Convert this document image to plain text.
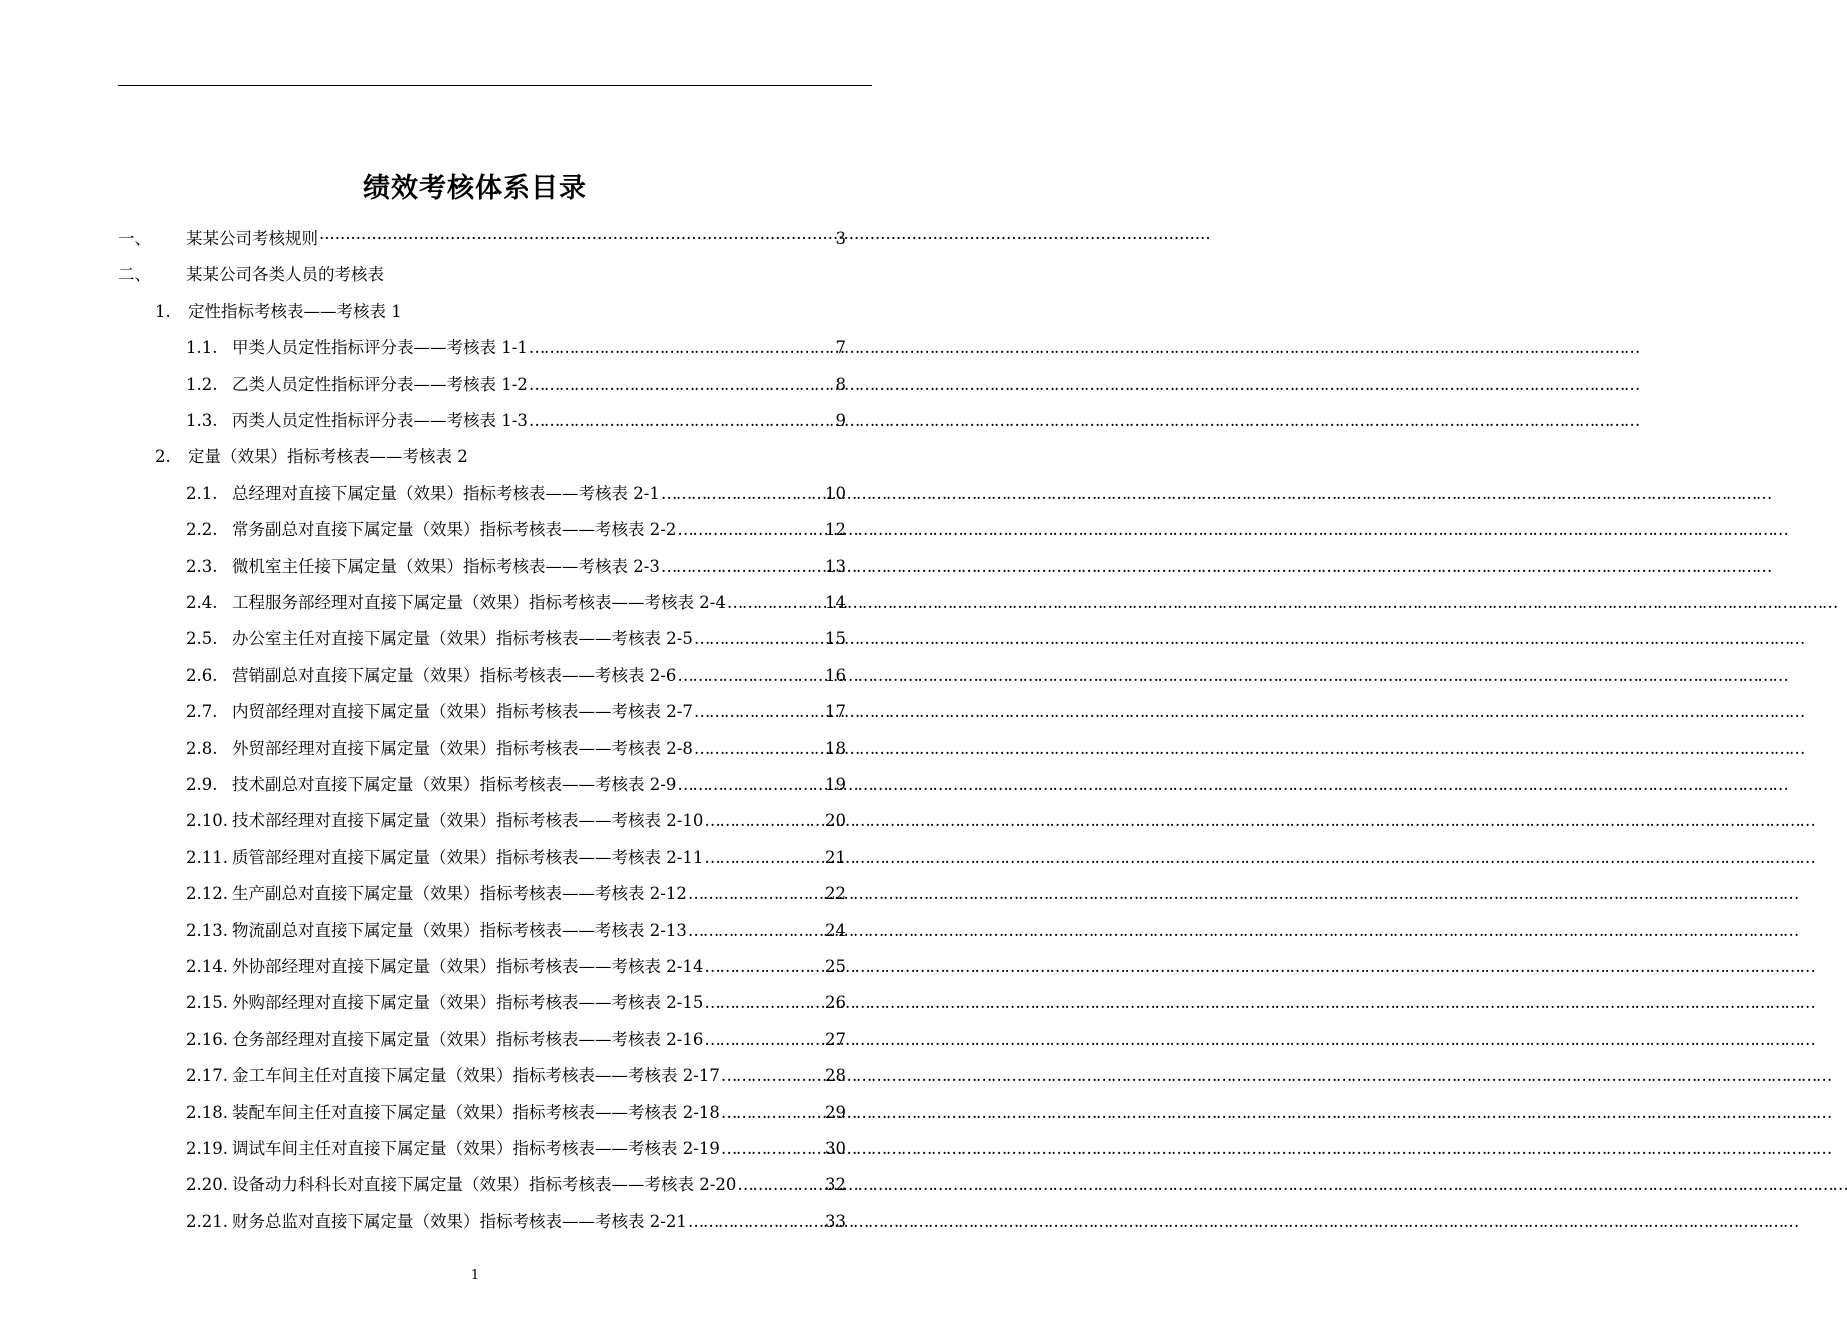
绩效考核体系目录
一、	某某公司考核规则 ·····	3
二、	某某公司各类人员的考核表
1.	定性指标考核表——考核表 1
1.1. 甲类人员定性指标评分表——考核表 1-1 ……………………………………………………………………………………………………………………………………………………………………………………………………	7
1.2. 乙类人员定性指标评分表——考核表 1-2 ……………………………………………………………………………………………………………………………………………………………………………………………………	8
1.3. 丙类人员定性指标评分表——考核表 1-3 ……………………………………………………………………………………………………………………………………………………………………………………………………	9
2.	定量（效果）指标考核表——考核表 2
2.1. 总经理对直接下属定量（效果）指标考核表——考核表 2-1 ……………………………………………………………………………………………………………………………………………………………………………………………………	10
2.2. 常务副总对直接下属定量（效果）指标考核表——考核表 2-2 ……………………………………………………………………………………………………………………………………………………………………………………………………	12
2.3. 微机室主任接下属定量（效果）指标考核表——考核表 2-3 ……………………………………………………………………………………………………………………………………………………………………………………………………	13
2.4. 工程服务部经理对直接下属定量（效果）指标考核表——考核表 2-4 ……………………………………………………………………………………………………………………………………………………………………………………………………	14
2.5. 办公室主任对直接下属定量（效果）指标考核表——考核表 2-5 ……………………………………………………………………………………………………………………………………………………………………………………………………	15
2.6. 营销副总对直接下属定量（效果）指标考核表——考核表 2-6 ……………………………………………………………………………………………………………………………………………………………………………………………………	16
2.7. 内贸部经理对直接下属定量（效果）指标考核表——考核表 2-7 ……………………………………………………………………………………………………………………………………………………………………………………………………	17
2.8. 外贸部经理对直接下属定量（效果）指标考核表——考核表 2-8 ……………………………………………………………………………………………………………………………………………………………………………………………………	18
2.9. 技术副总对直接下属定量（效果）指标考核表——考核表 2-9 ……………………………………………………………………………………………………………………………………………………………………………………………………	19
2.10. 技术部经理对直接下属定量（效果）指标考核表——考核表 2-10 ……………………………………………………………………………………………………………………………………………………………………………………………………	20
2.11. 质管部经理对直接下属定量（效果）指标考核表——考核表 2-11 ……………………………………………………………………………………………………………………………………………………………………………………………………	21
2.12. 生产副总对直接下属定量（效果）指标考核表——考核表 2-12 ……………………………………………………………………………………………………………………………………………………………………………………………………	22
2.13. 物流副总对直接下属定量（效果）指标考核表——考核表 2-13 ……………………………………………………………………………………………………………………………………………………………………………………………………	24
2.14. 外协部经理对直接下属定量（效果）指标考核表——考核表 2-14 ……………………………………………………………………………………………………………………………………………………………………………………………………	25
2.15. 外购部经理对直接下属定量（效果）指标考核表——考核表 2-15 ……………………………………………………………………………………………………………………………………………………………………………………………………	26
2.16. 仓务部经理对直接下属定量（效果）指标考核表——考核表 2-16 ……………………………………………………………………………………………………………………………………………………………………………………………………	27
2.17. 金工车间主任对直接下属定量（效果）指标考核表——考核表 2-17 ……………………………………………………………………………………………………………………………………………………………………………………………………	28
2.18. 装配车间主任对直接下属定量（效果）指标考核表——考核表 2-18 ……………………………………………………………………………………………………………………………………………………………………………………………………	29
2.19. 调试车间主任对直接下属定量（效果）指标考核表——考核表 2-19 ……………………………………………………………………………………………………………………………………………………………………………………………………	30
2.20. 设备动力科科长对直接下属定量（效果）指标考核表——考核表 2-20 ……………………………………………………………………………………………………………………………………………………………………………………………………	32
2.21. 财务总监对直接下属定量（效果）指标考核表——考核表 2-21 ……………………………………………………………………………………………………………………………………………………………………………………………………	33
1
